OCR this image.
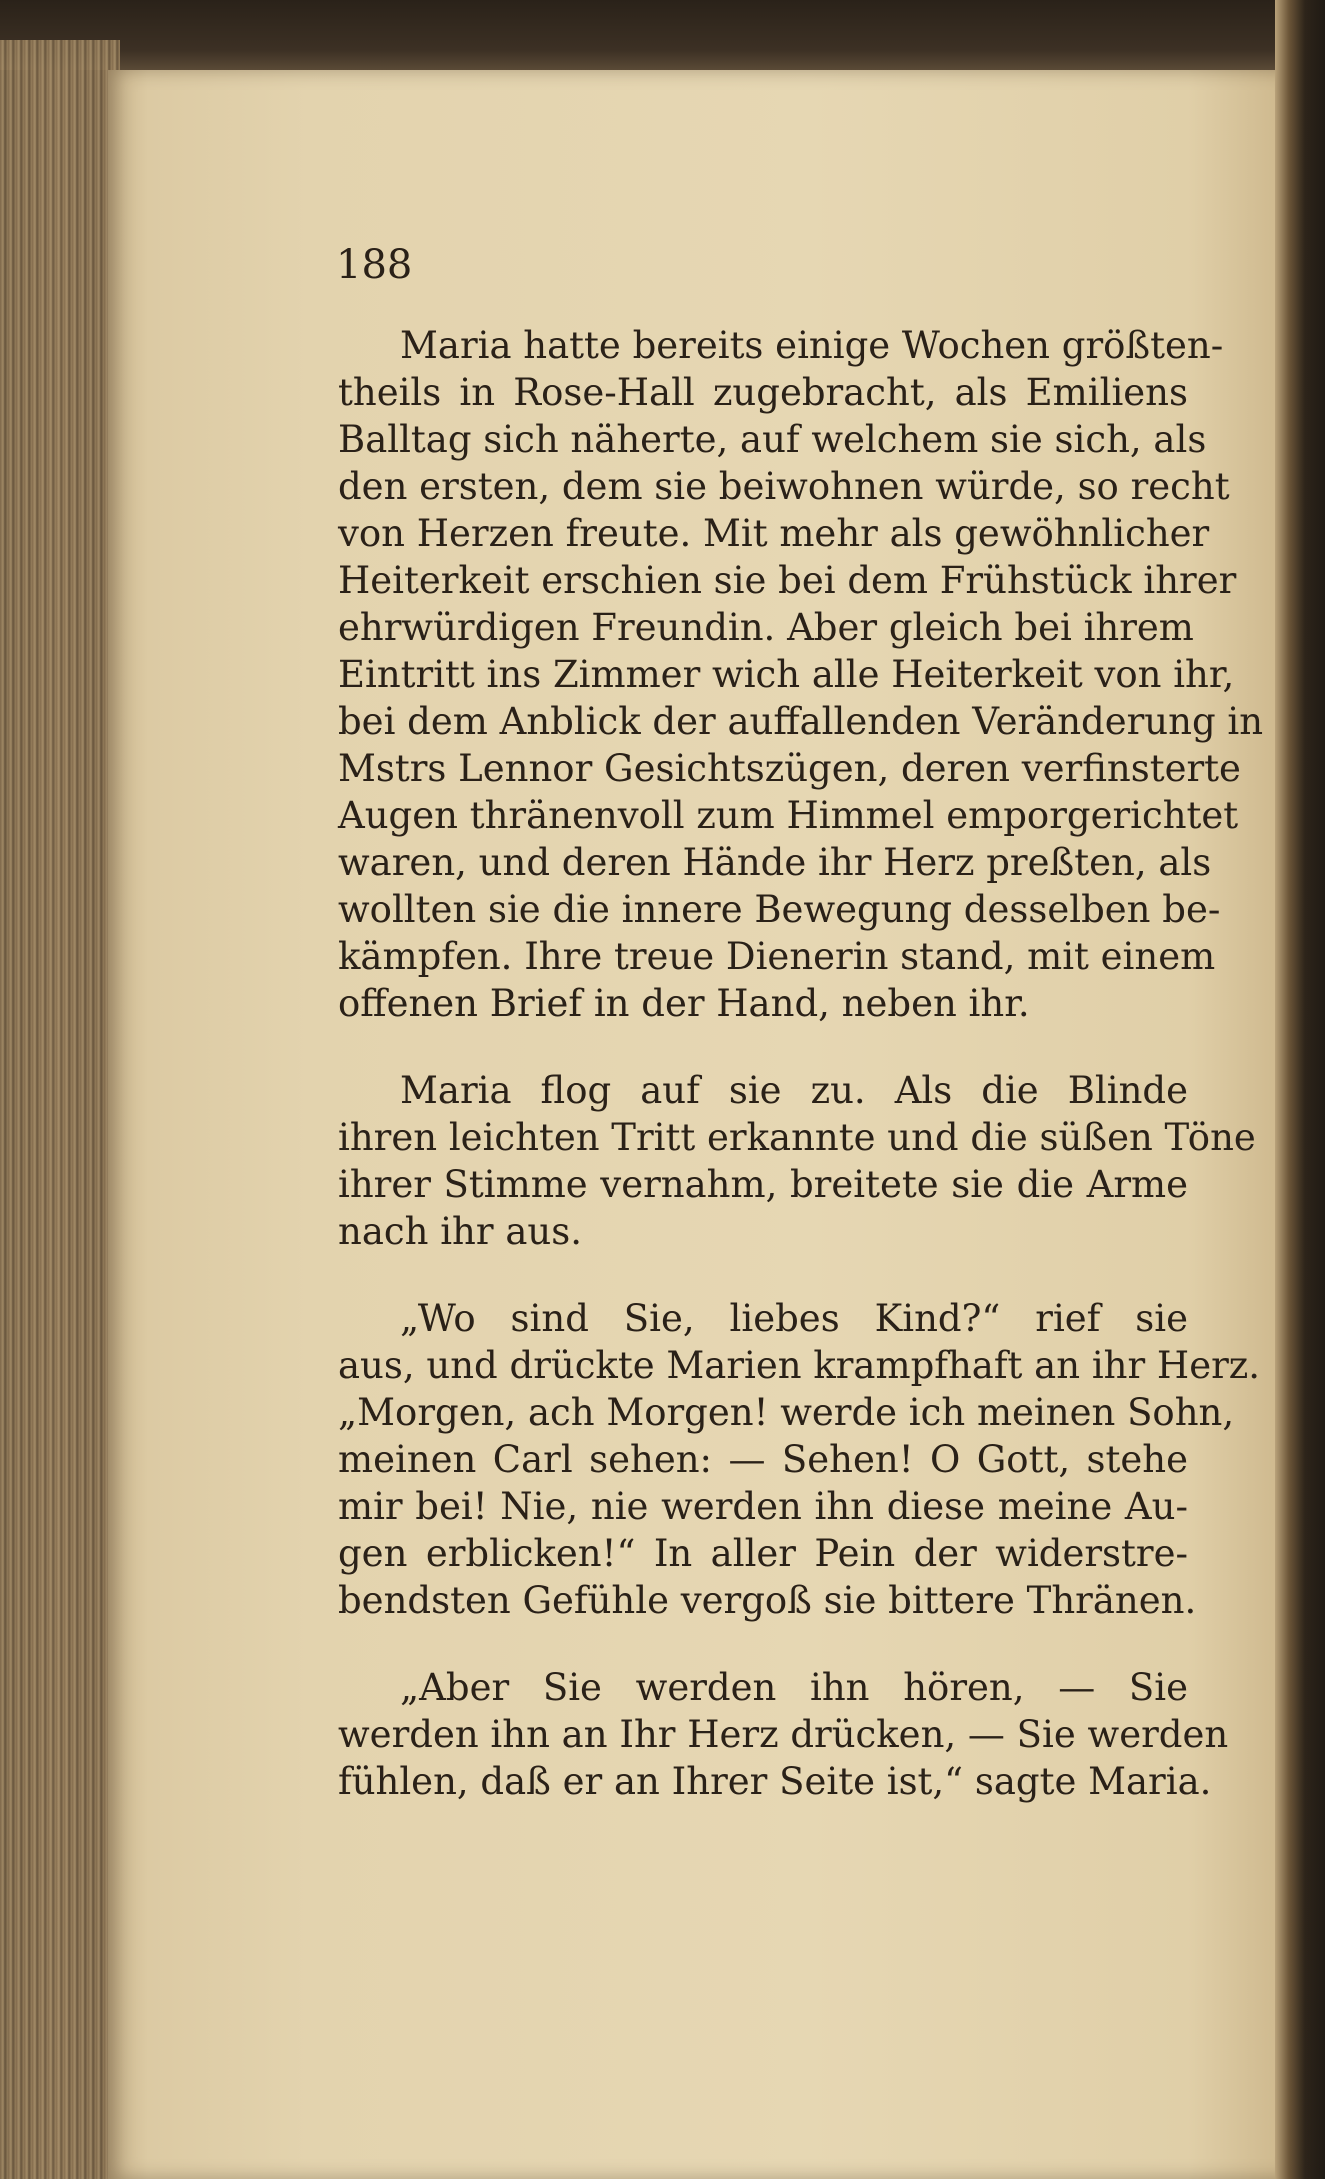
188

Maria hatte bereits einige Wochen größten-
theils in Rose-Hall zugebracht, als Emiliens
Balltag sich näherte, auf welchem sie sich, als
den ersten, dem sie beiwohnen würde, so recht
von Herzen freute. Mit mehr als gewöhnlicher
Heiterkeit erschien sie bei dem Frühstück ihrer
ehrwürdigen Freundin. Aber gleich bei ihrem
Eintritt ins Zimmer wich alle Heiterkeit von ihr,
bei dem Anblick der auffallenden Veränderung in
Mstrs Lennor Gesichtszügen, deren verfinsterte
Augen thränenvoll zum Himmel emporgerichtet
waren, und deren Hände ihr Herz preßten, als
wollten sie die innere Bewegung desselben be-
kämpfen. Ihre treue Dienerin stand, mit einem
offenen Brief in der Hand, neben ihr.
Maria flog auf sie zu. Als die Blinde
ihren leichten Tritt erkannte und die süßen Töne
ihrer Stimme vernahm, breitete sie die Arme
nach ihr aus.
„Wo sind Sie, liebes Kind?“ rief sie
aus, und drückte Marien krampfhaft an ihr Herz.
„Morgen, ach Morgen! werde ich meinen Sohn,
meinen Carl sehen: — Sehen! O Gott, stehe
mir bei! Nie, nie werden ihn diese meine Au-
gen erblicken!“ In aller Pein der widerstre-
bendsten Gefühle vergoß sie bittere Thränen.
„Aber Sie werden ihn hören, — Sie
werden ihn an Ihr Herz drücken, — Sie werden
fühlen, daß er an Ihrer Seite ist,“ sagte Maria.
